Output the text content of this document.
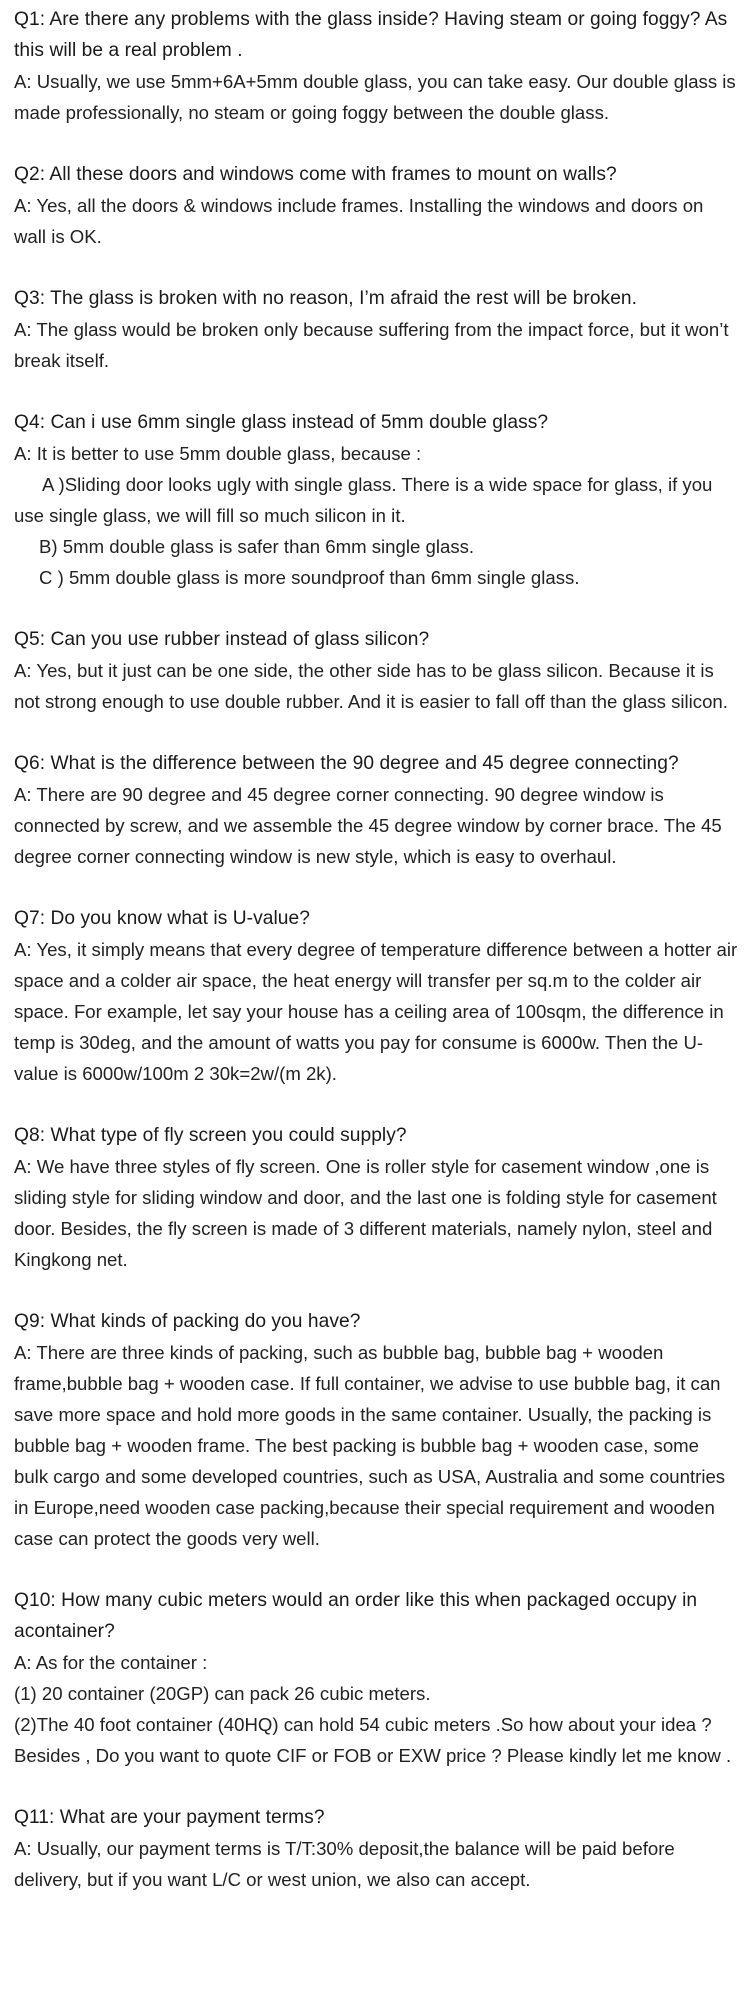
Q1: Are there any problems with the glass inside? Having steam or going foggy? As this will be a real problem .

A: Usually, we use 5mm+6A+5mm double glass, you can take easy. Our double glass is made professionally, no steam or going foggy between the double glass.

Q2: All these doors and windows come with frames to mount on walls?

A: Yes, all the doors & windows include frames. Installing the windows and doors on wall is OK.

Q3: The glass is broken with no reason, I’m afraid the rest will be broken.

A: The glass would be broken only because suffering from the impact force, but it won’t break itself.

Q4: Can i use 6mm single glass instead of 5mm double glass?

A: It is better to use 5mm double glass, because :

A )Sliding door looks ugly with single glass. There is a wide space for glass, if you use single glass, we will fill so much silicon in it.

B) 5mm double glass is safer than 6mm single glass.

C ) 5mm double glass is more soundproof than 6mm single glass.

Q5: Can you use rubber instead of glass silicon?

A: Yes, but it just can be one side, the other side has to be glass silicon. Because it is not strong enough to use double rubber. And it is easier to fall off than the glass silicon.

Q6: What is the difference between the 90 degree and 45 degree connecting?

A: There are 90 degree and 45 degree corner connecting. 90 degree window is connected by screw, and we assemble the 45 degree window by corner brace. The 45 degree corner connecting window is new style, which is easy to overhaul.

Q7: Do you know what is U-value?

A: Yes, it simply means that every degree of temperature difference between a hotter air space and a colder air space, the heat energy will transfer per sq.m to the colder air space. For example, let say your house has a ceiling area of 100sqm, the difference in temp is 30deg, and the amount of watts you pay for consume is 6000w. Then the U-value is 6000w/100m 2 30k=2w/(m 2k).

Q8: What type of fly screen you could supply?

A: We have three styles of fly screen. One is roller style for casement window ,one is sliding style for sliding window and door, and the last one is folding style for casement door. Besides, the fly screen is made of 3 different materials, namely nylon, steel and Kingkong net.

Q9: What kinds of packing do you have?

A: There are three kinds of packing, such as bubble bag, bubble bag + wooden frame,bubble bag + wooden case. If full container, we advise to use bubble bag, it can save more space and hold more goods in the same container. Usually, the packing is bubble bag + wooden frame. The best packing is bubble bag + wooden case, some bulk cargo and some developed countries, such as USA, Australia and some countries in Europe,need wooden case packing,because their special requirement and wooden case can protect the goods very well.

Q10: How many cubic meters would an order like this when packaged occupy in acontainer?

A: As for the container :

(1) 20 container (20GP) can pack 26 cubic meters.

(2)The 40 foot container (40HQ) can hold 54 cubic meters .So how about your idea ? Besides , Do you want to quote CIF or FOB or EXW price ? Please kindly let me know .

Q11: What are your payment terms?

A: Usually, our payment terms is T/T:30% deposit,the balance will be paid before delivery, but if you want L/C or west union, we also can accept.
